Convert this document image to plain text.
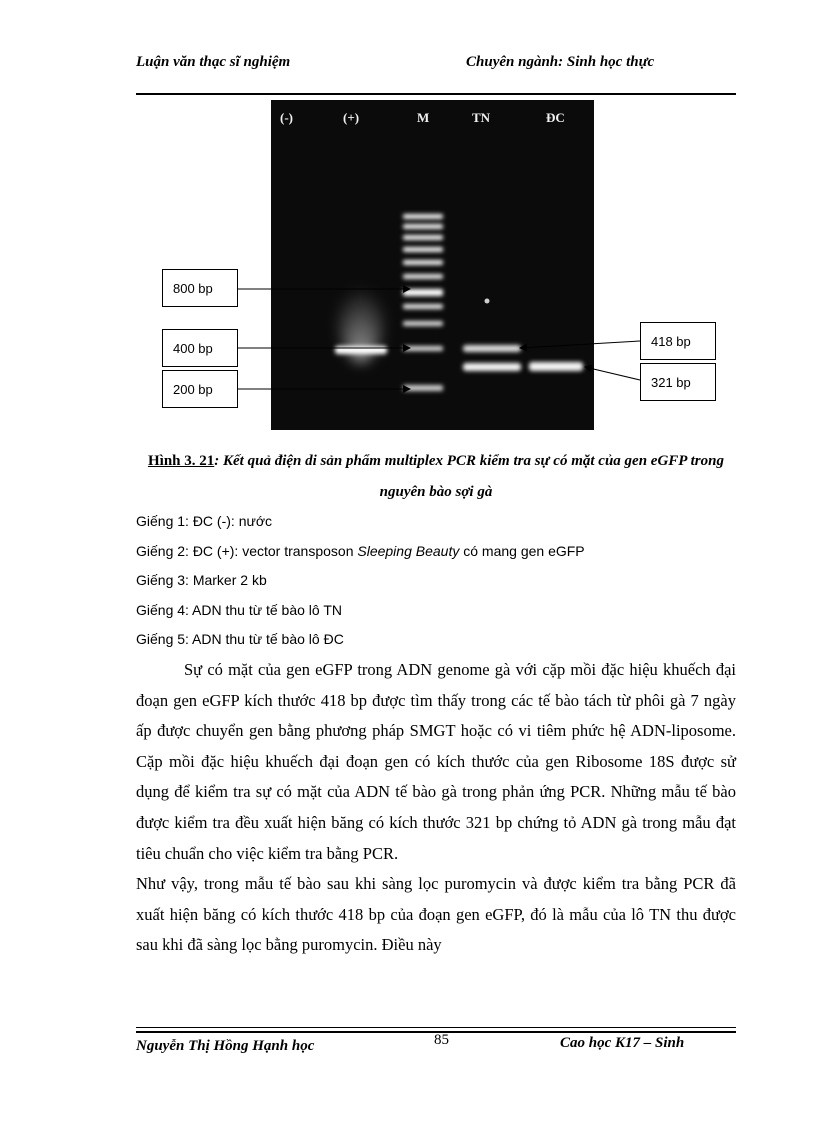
Luận văn thạc sĩ nghiệm	Chuyên ngành: Sinh học thực
(-)	(+)	M	TN	ĐC
800 bp
400 bp
200 bp
418 bp
321 bp
Hình 3. 21: Kết quả điện di sản phẩm multiplex PCR kiểm tra sự có mặt của gen eGFP trong nguyên bào sợi gà
Giếng 1: ĐC (-): nước
Giếng 2: ĐC (+): vector transposon Sleeping Beauty có mang gen eGFP
Giếng 3: Marker 2 kb
Giếng 4: ADN thu từ tế bào lô TN
Giếng 5: ADN thu từ tế bào lô ĐC

Sự có mặt của gen eGFP trong ADN genome gà với cặp mồi đặc hiệu khuếch đại đoạn gen eGFP kích thước 418 bp được tìm thấy trong các tế bào tách từ phôi gà 7 ngày ấp được chuyển gen bằng phương pháp SMGT hoặc có vi tiêm phức hệ ADN-liposome. Cặp mồi đặc hiệu khuếch đại đoạn gen có kích thước của gen Ribosome 18S được sử dụng để kiểm tra sự có mặt của ADN tế bào gà trong phản ứng PCR. Những mẫu tế bào được kiểm tra đều xuất hiện băng có kích thước 321 bp chứng tỏ ADN gà trong mẫu đạt tiêu chuẩn cho việc kiểm tra bằng PCR.

Như vậy, trong mẫu tế bào sau khi sàng lọc puromycin và được kiểm tra bằng PCR đã xuất hiện băng có kích thước 418 bp của đoạn gen eGFP, đó là mẫu của lô TN thu được sau khi đã sàng lọc bằng puromycin. Điều này

Nguyễn Thị Hồng Hạnh học	85	Cao học K17 – Sinh
